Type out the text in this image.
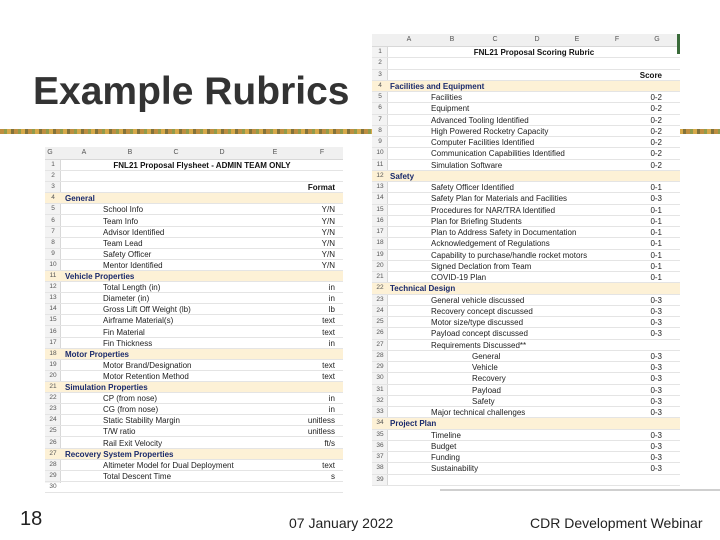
Example Rubrics
A	B	C	D	E	F
G
1	FNL21 Proposal Flysheet - ADMIN TEAM ONLY
2
3	Format
4	General
5	School Info	Y/N
6	Team Info	Y/N
7	Advisor Identified	Y/N
8	Team Lead	Y/N
9	Safety Officer	Y/N
10	Mentor Identified	Y/N
11	Vehicle Properties
12	Total Length (in)	in
13	Diameter (in)	in
14	Gross Lift Off Weight (lb)	lb
15	Airframe Material(s)	text
16	Fin Material	text
17	Fin Thickness	in
18	Motor Properties
19	Motor Brand/Designation	text
20	Motor Retention Method	text
21	Simulation Properties
22	CP (from nose)	in
23	CG (from nose)	in
24	Static Stability Margin	unitless
25	T/W ratio	unitless
26	Rail Exit Velocity	ft/s
27	Recovery System Properties
28	Altimeter Model for Dual Deployment	text
29	Total Descent Time	s
30
A	B	C	D	E	F	G
1	FNL21 Proposal Scoring Rubric
2
3	Score
4	Facilities and Equipment
5	Facilities	0-2
6	Equipment	0-2
7	Advanced Tooling Identified	0-2
8	High Powered Rocketry Capacity	0-2
9	Computer Facilities Identified	0-2
10	Communication Capabilities Identified	0-2
11	Simulation Software	0-2
12 Safety
13	Safety Officer Identified	0-1
14	Safety Plan for Materials and Facilities	0-3
15	Procedures for NAR/TRA Identified	0-1
16	Plan for Briefing Students	0-1
17	Plan to Address Safety in Documentation	0-1
18	Acknowledgement of Regulations	0-1
19	Capability to purchase/handle rocket motors	0-1
20	Signed Declation from Team	0-1
21	COVID-19 Plan	0-1
22 Technical Design
23	General vehicle discussed	0-3
24	Recovery concept discussed	0-3
25	Motor size/type discussed	0-3
26	Payload concept discussed	0-3
27	Requirements Discussed**
28	General	0-3
29	Vehicle	0-3
30	Recovery	0-3
31	Payload	0-3
32	Safety	0-3
33	Major technical challenges	0-3
34 Project Plan
35	Timeline	0-3
36	Budget	0-3
37	Funding	0-3
38	Sustainability	0-3
39
18	07 January 2022	CDR Development Webinar
